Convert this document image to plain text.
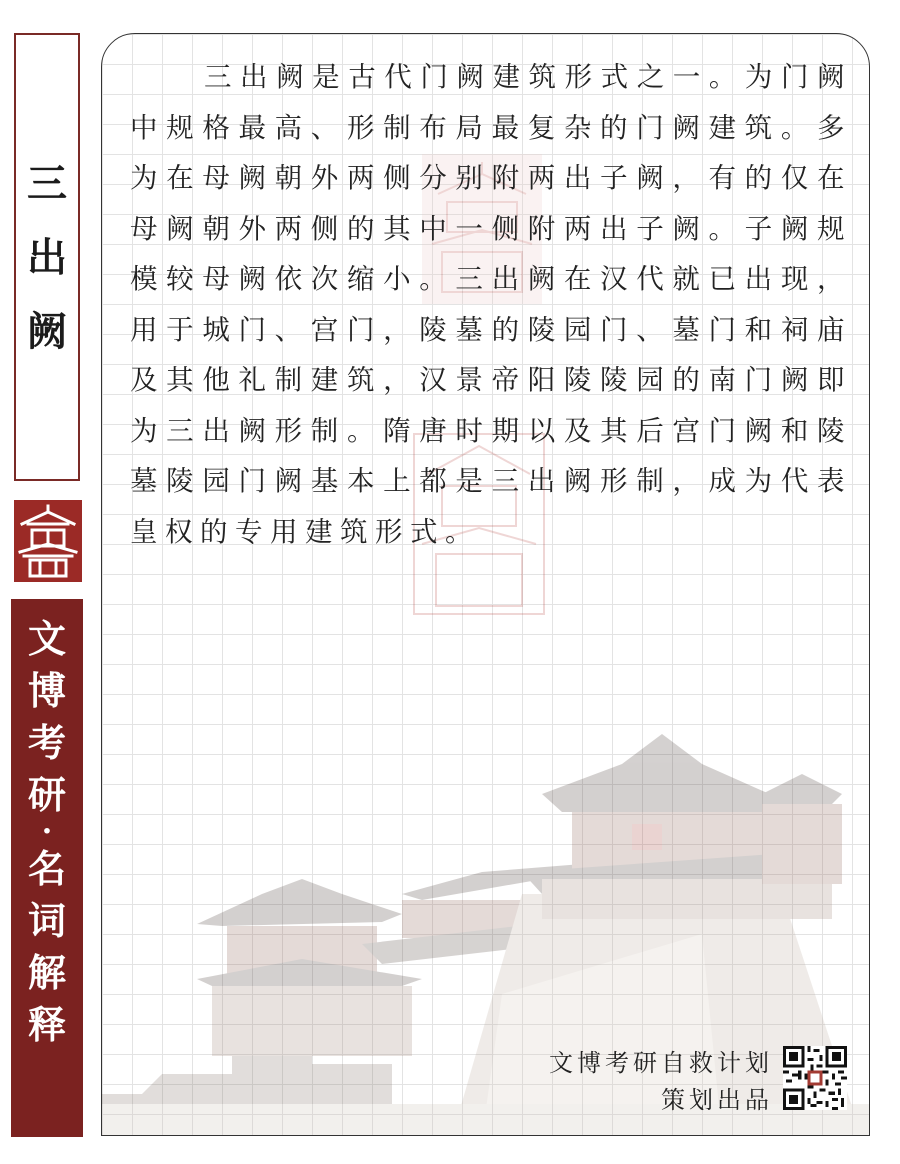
三
出
阙
文
博
考
研
·
名
词
解
释

三出阙是古代门阙建筑形式之一。为门阙中规格最高、形制布局最复杂的门阙建筑。多为在母阙朝外两侧分别附两出子阙，有的仅在母阙朝外两侧的其中一侧附两出子阙。子阙规模较母阙依次缩小。三出阙在汉代就已出现，用于城门、宫门，陵墓的陵园门、墓门和祠庙及其他礼制建筑，汉景帝阳陵陵园的南门阙即为三出阙形制。隋唐时期以及其后宫门阙和陵墓陵园门阙基本上都是三出阙形制，成为代表皇权的专用建筑形式。

文博考研自救计划
策划出品
